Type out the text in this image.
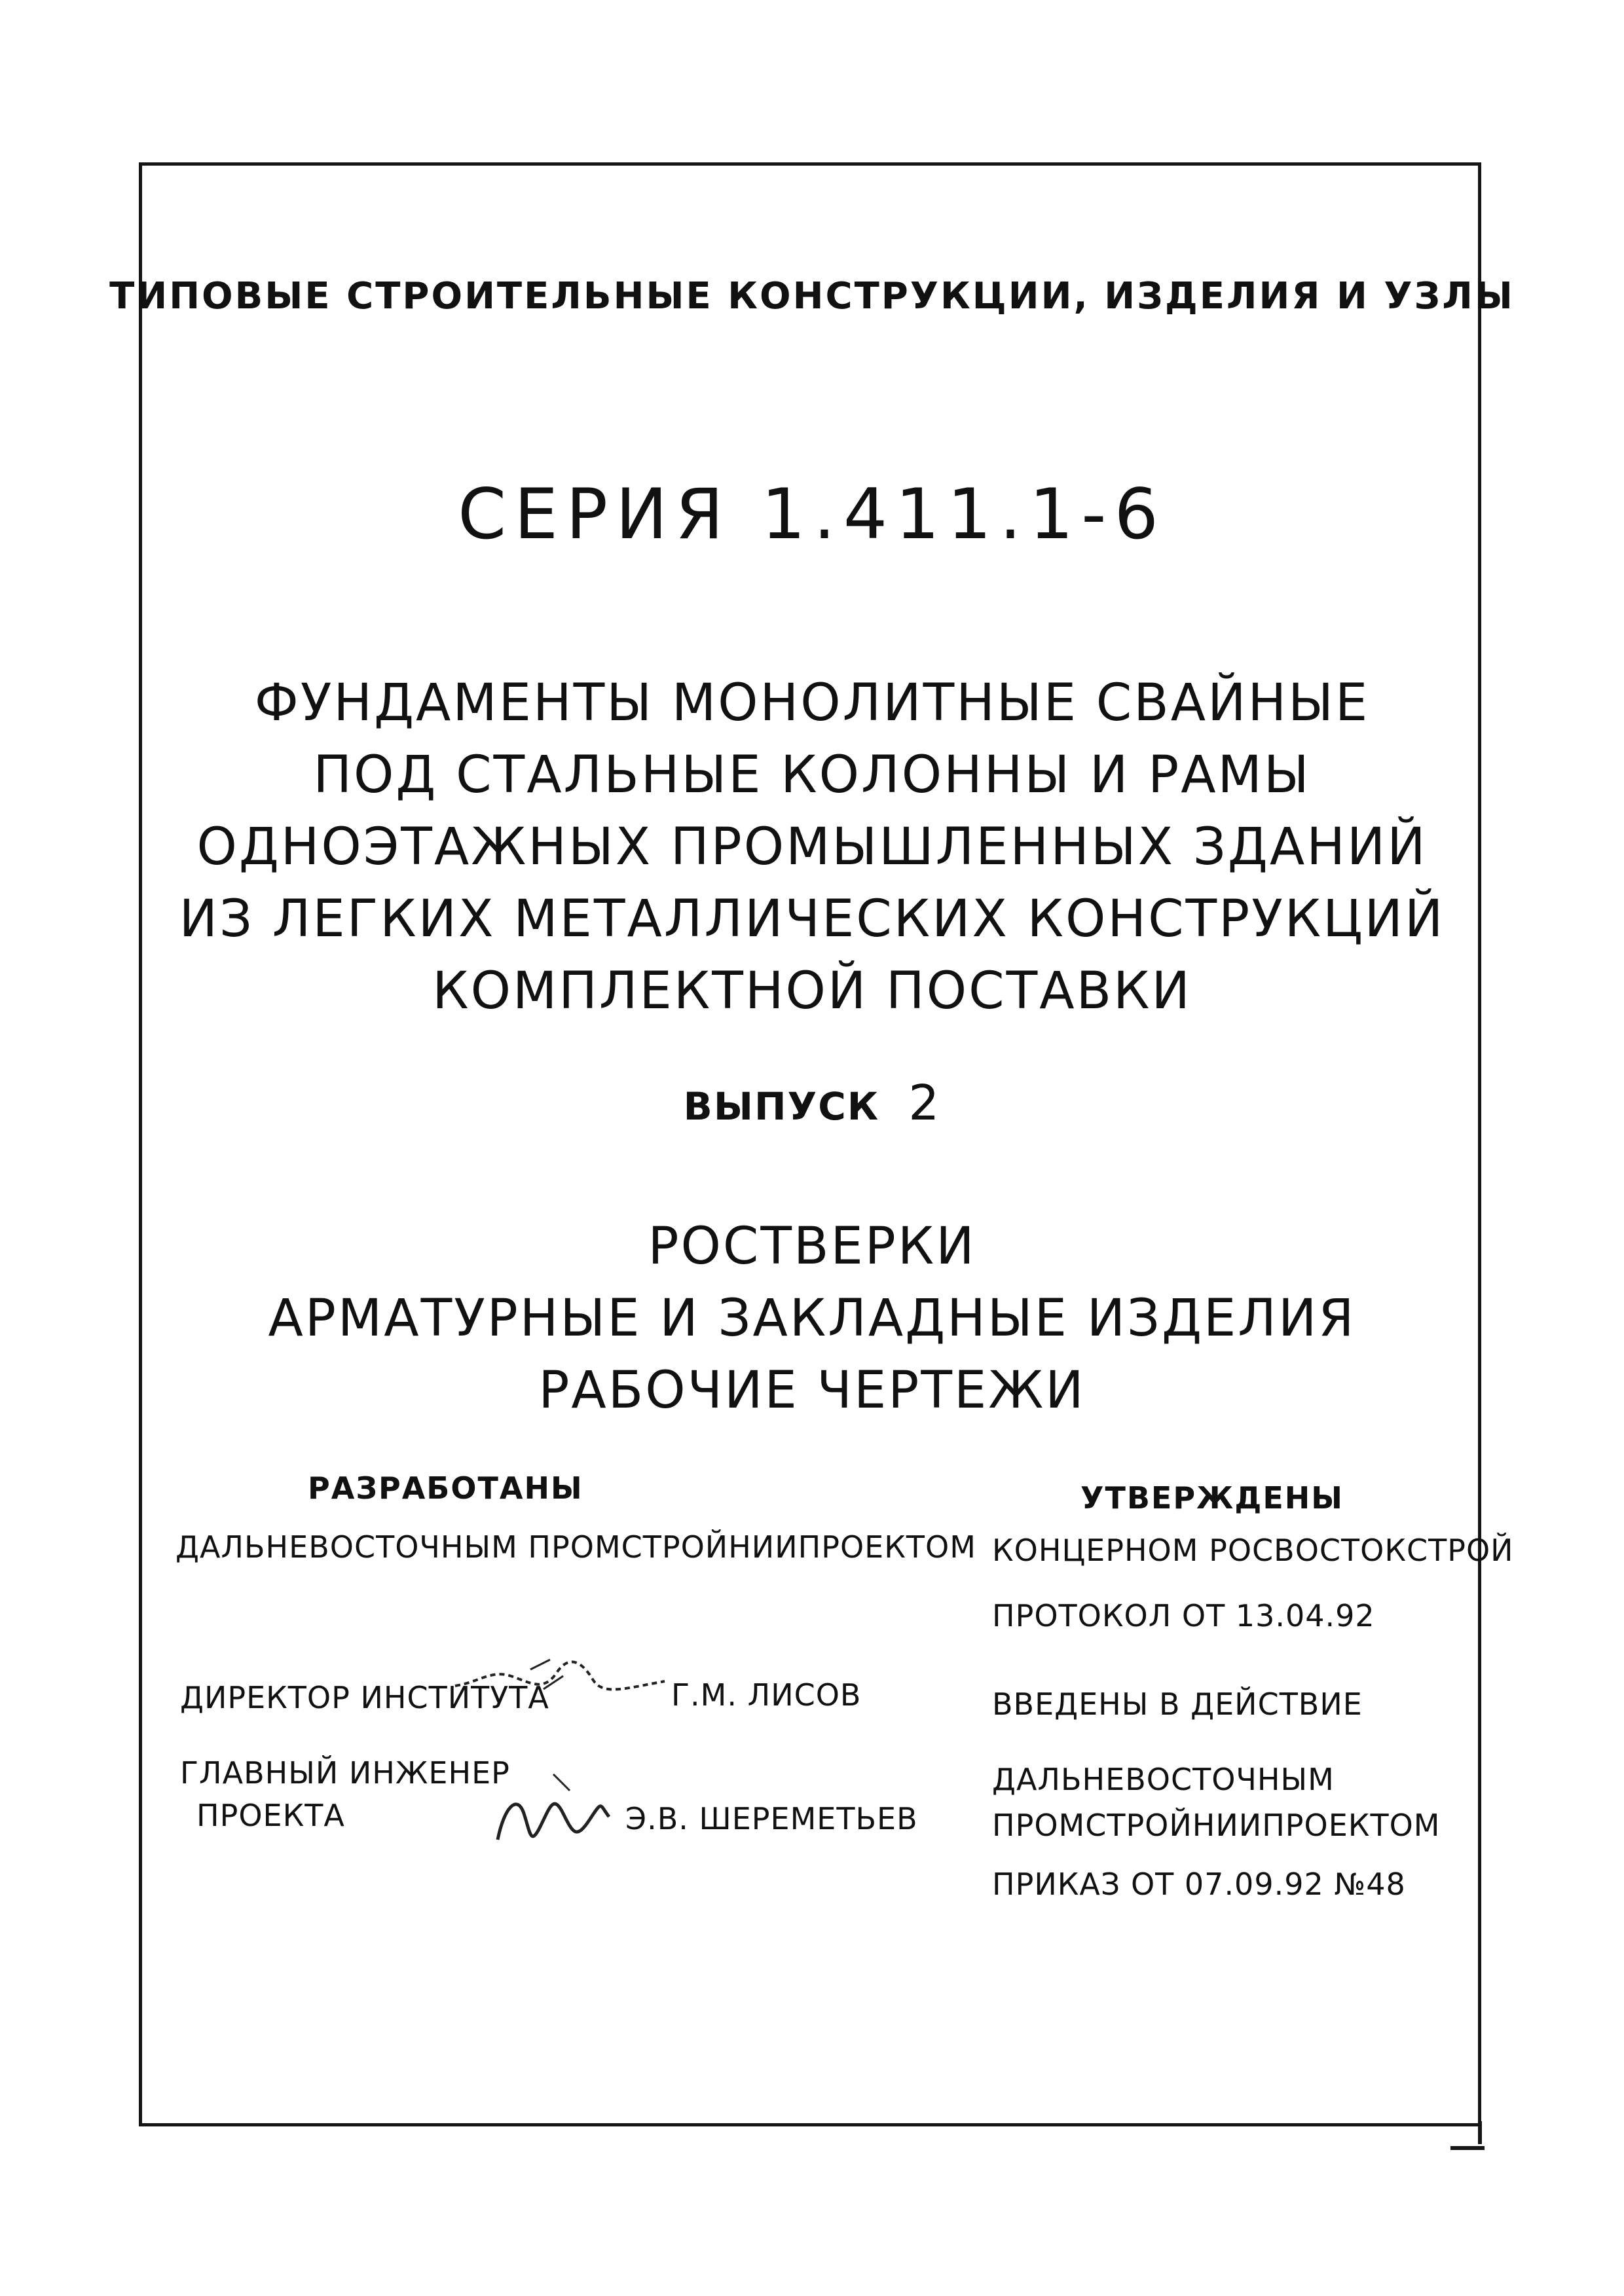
ТИПОВЫЕ СТРОИТЕЛЬНЫЕ КОНСТРУКЦИИ, ИЗДЕЛИЯ И УЗЛЫ
СЕРИЯ 1.411.1-6
ФУНДАМЕНТЫ МОНОЛИТНЫЕ СВАЙНЫЕ
ПОД СТАЛЬНЫЕ КОЛОННЫ И РАМЫ
ОДНОЭТАЖНЫХ ПРОМЫШЛЕННЫХ ЗДАНИЙ
ИЗ ЛЕГКИХ МЕТАЛЛИЧЕСКИХ КОНСТРУКЦИЙ
КОМПЛЕКТНОЙ ПОСТАВКИ
ВЫПУСК 2
РОСТВЕРКИ
АРМАТУРНЫЕ И ЗАКЛАДНЫЕ ИЗДЕЛИЯ
РАБОЧИЕ ЧЕРТЕЖИ
РАЗРАБОТАНЫ
ДАЛЬНЕВОСТОЧНЫМ ПРОМСТРОЙНИИПРОЕКТОМ
ДИРЕКТОР ИНСТИТУТА	Г.М. ЛИСОВ
ГЛАВНЫЙ ИНЖЕНЕР
ПРОЕКТА	Э.В. ШЕРЕМЕТЬЕВ
УТВЕРЖДЕНЫ
КОНЦЕРНОМ РОСВОСТОКСТРОЙ
ПРОТОКОЛ ОТ 13.04.92
ВВЕДЕНЫ В ДЕЙСТВИЕ
ДАЛЬНЕВОСТОЧНЫМ
ПРОМСТРОЙНИИПРОЕКТОМ
ПРИКАЗ ОТ 07.09.92 №48
